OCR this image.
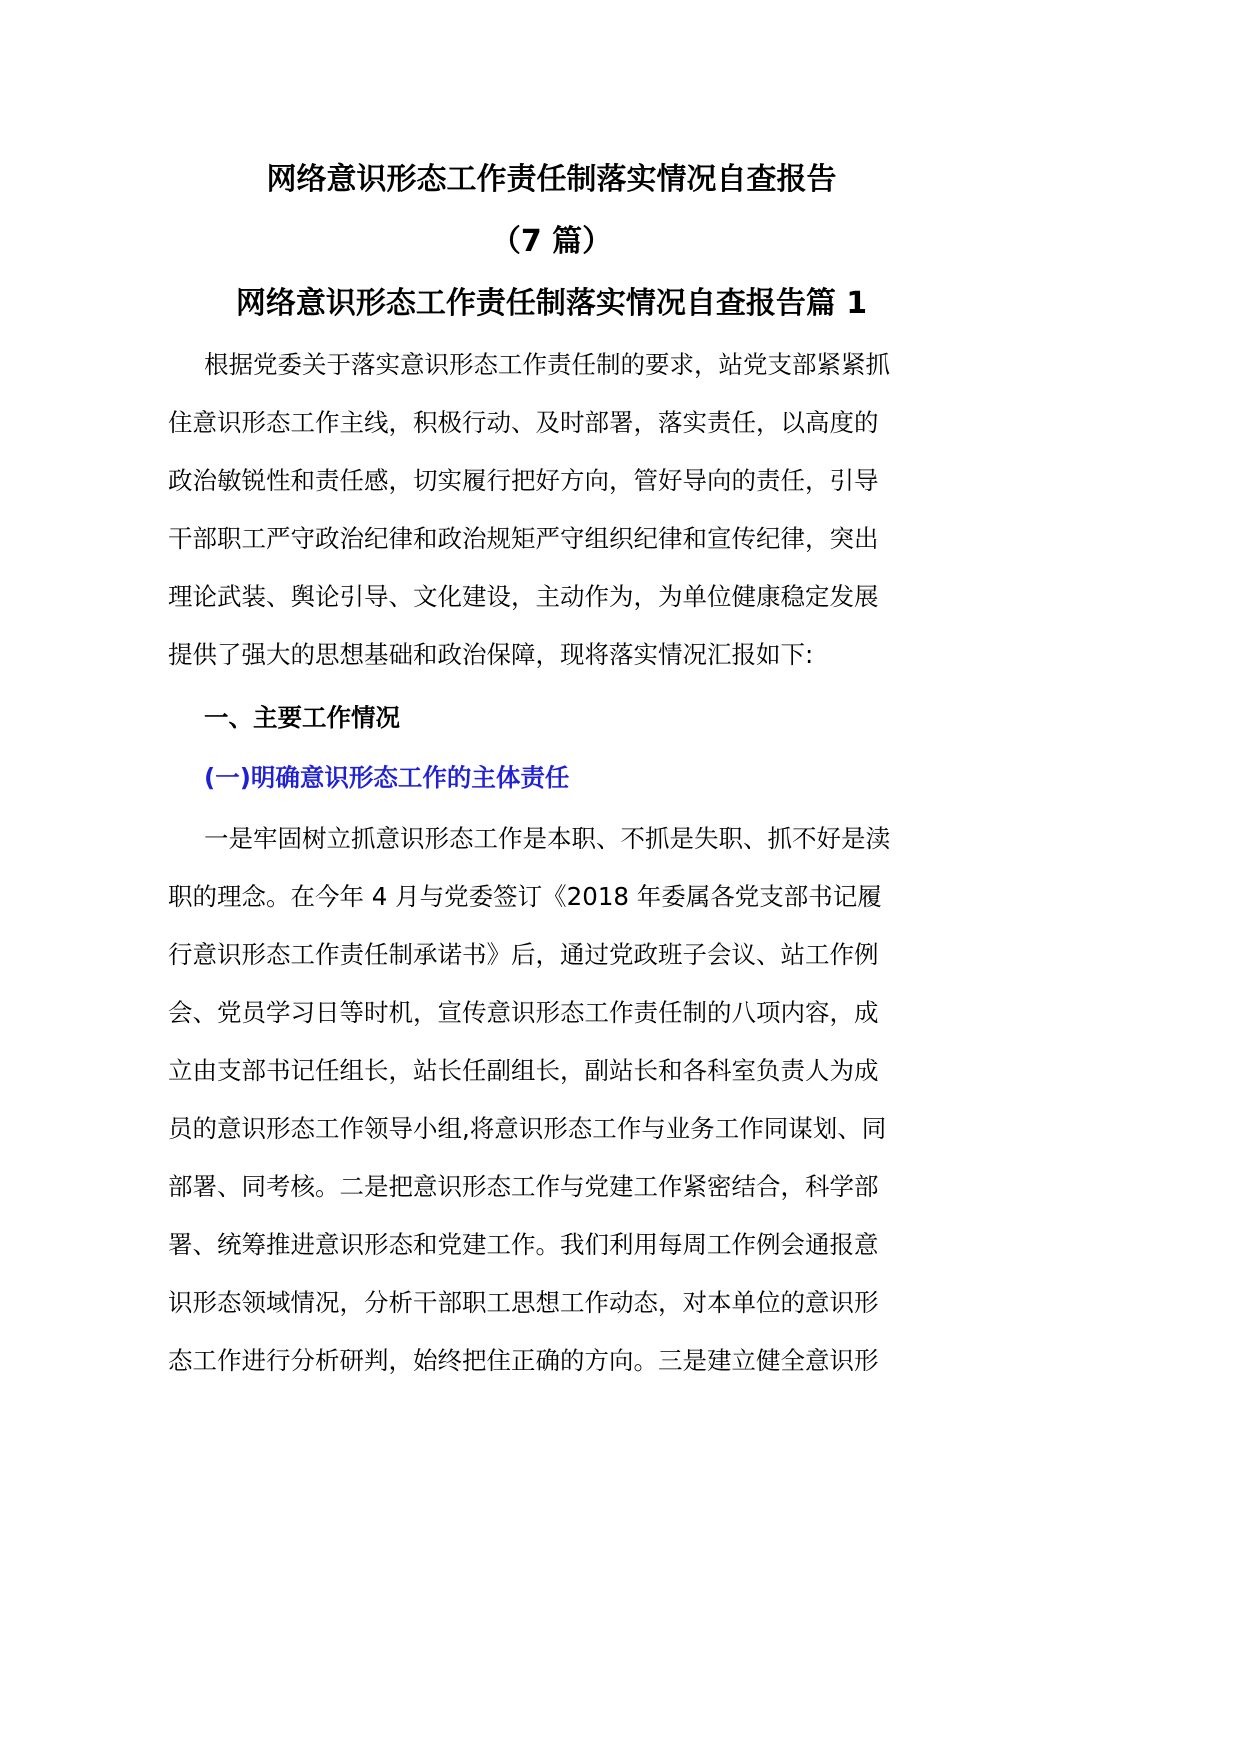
网络意识形态工作责任制落实情况自查报告
（7 篇）
网络意识形态工作责任制落实情况自查报告篇 1
根据党委关于落实意识形态工作责任制的要求，站党支部紧紧抓
住意识形态工作主线，积极行动、及时部署，落实责任，以高度的
政治敏锐性和责任感，切实履行把好方向，管好导向的责任，引导
干部职工严守政治纪律和政治规矩严守组织纪律和宣传纪律，突出
理论武装、舆论引导、文化建设，主动作为，为单位健康稳定发展
提供了强大的思想基础和政治保障，现将落实情况汇报如下:
一、主要工作情况
(一)明确意识形态工作的主体责任
一是牢固树立抓意识形态工作是本职、不抓是失职、抓不好是渎
职的理念。在今年 4 月与党委签订《2018 年委属各党支部书记履
行意识形态工作责任制承诺书》后，通过党政班子会议、站工作例
会、党员学习日等时机，宣传意识形态工作责任制的八项内容，成
立由支部书记任组长，站长任副组长，副站长和各科室负责人为成
员的意识形态工作领导小组,将意识形态工作与业务工作同谋划、同
部署、同考核。二是把意识形态工作与党建工作紧密结合，科学部
署、统筹推进意识形态和党建工作。我们利用每周工作例会通报意
识形态领域情况，分析干部职工思想工作动态，对本单位的意识形
态工作进行分析研判，始终把住正确的方向。三是建立健全意识形
